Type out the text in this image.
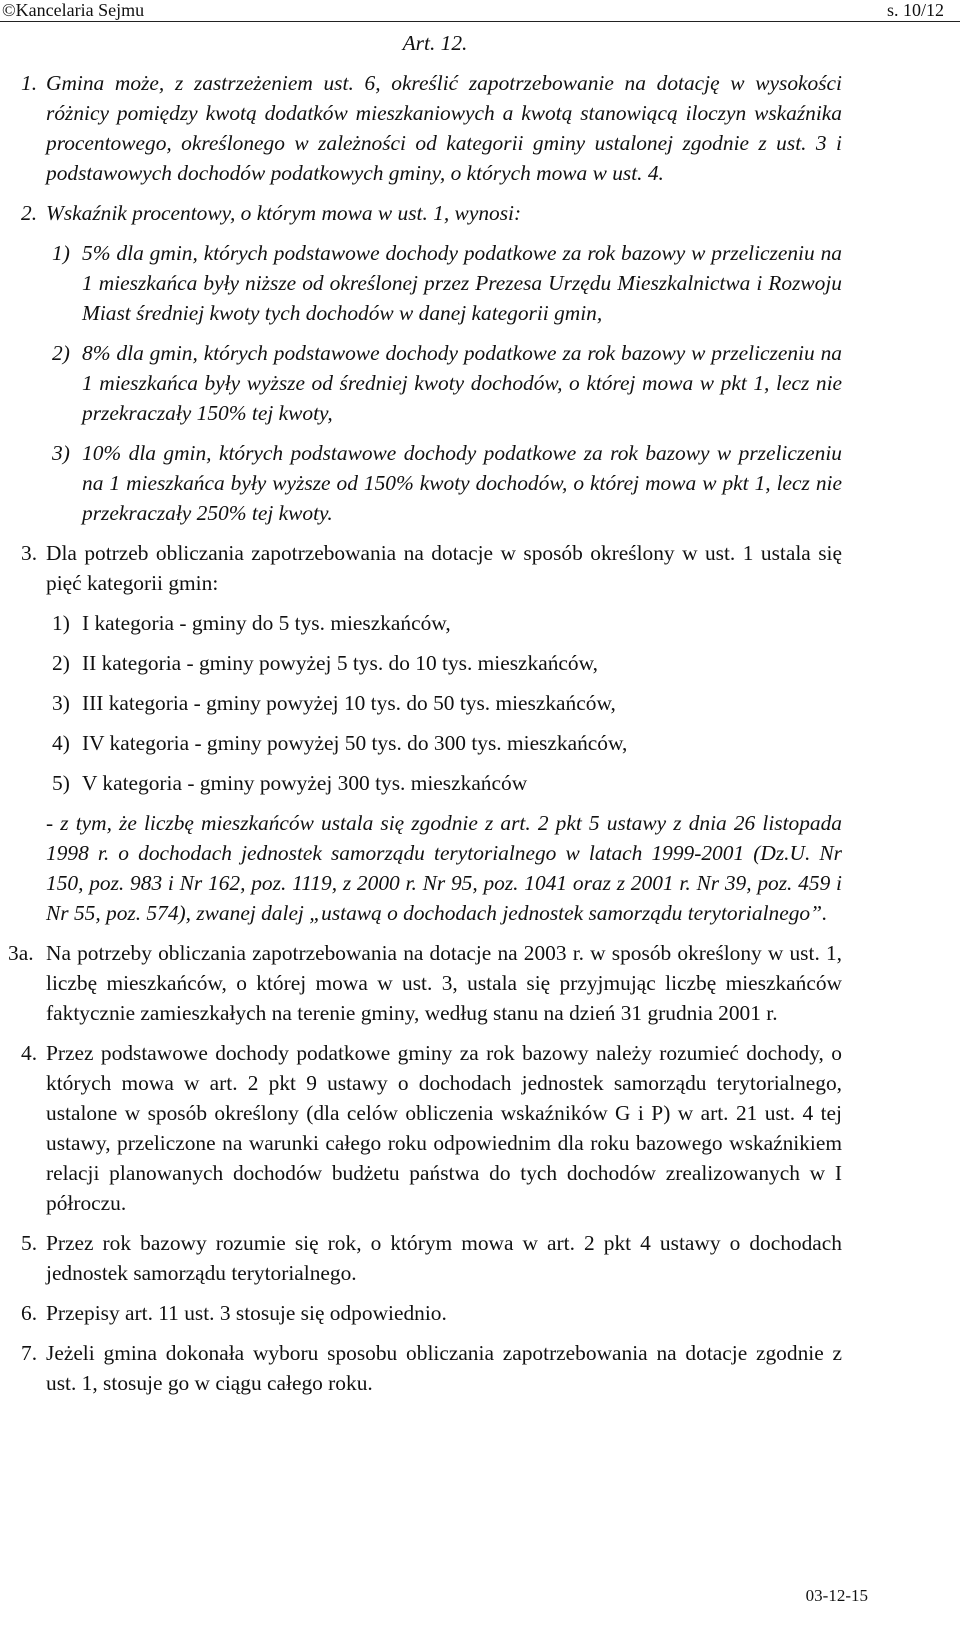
©Kancelaria Sejmu	s. 10/12
Art. 12.
1. Gmina może, z zastrzeżeniem ust. 6, określić zapotrzebowanie na dotację w wysokości różnicy pomiędzy kwotą dodatków mieszkaniowych a kwotą stanowiącą iloczyn wskaźnika procentowego, określonego w zależności od kategorii gminy ustalonej zgodnie z ust. 3 i podstawowych dochodów podatkowych gminy, o których mowa w ust. 4.
2. Wskaźnik procentowy, o którym mowa w ust. 1, wynosi:
1) 5% dla gmin, których podstawowe dochody podatkowe za rok bazowy w przeliczeniu na 1 mieszkańca były niższe od określonej przez Prezesa Urzędu Mieszkalnictwa i Rozwoju Miast średniej kwoty tych dochodów w danej kategorii gmin,
2) 8% dla gmin, których podstawowe dochody podatkowe za rok bazowy w przeliczeniu na 1 mieszkańca były wyższe od średniej kwoty dochodów, o której mowa w pkt 1, lecz nie przekraczały 150% tej kwoty,
3) 10% dla gmin, których podstawowe dochody podatkowe za rok bazowy w przeliczeniu na 1 mieszkańca były wyższe od 150% kwoty dochodów, o której mowa w pkt 1, lecz nie przekraczały 250% tej kwoty.
3. Dla potrzeb obliczania zapotrzebowania na dotacje w sposób określony w ust. 1 ustala się pięć kategorii gmin:
1) I kategoria - gminy do 5 tys. mieszkańców,
2) II kategoria - gminy powyżej 5 tys. do 10 tys. mieszkańców,
3) III kategoria - gminy powyżej 10 tys. do 50 tys. mieszkańców,
4) IV kategoria - gminy powyżej 50 tys. do 300 tys. mieszkańców,
5) V kategoria - gminy powyżej 300 tys. mieszkańców
- z tym, że liczbę mieszkańców ustala się zgodnie z art. 2 pkt 5 ustawy z dnia 26 listopada 1998 r. o dochodach jednostek samorządu terytorialnego w latach 1999-2001 (Dz.U. Nr 150, poz. 983 i Nr 162, poz. 1119, z 2000 r. Nr 95, poz. 1041 oraz z 2001 r. Nr 39, poz. 459 i Nr 55, poz. 574), zwanej dalej „ustawą o dochodach jednostek samorządu terytorialnego”.
3a. Na potrzeby obliczania zapotrzebowania na dotacje na 2003 r. w sposób określony w ust. 1, liczbę mieszkańców, o której mowa w ust. 3, ustala się przyjmując liczbę mieszkańców faktycznie zamieszkałych na terenie gminy, według stanu na dzień 31 grudnia 2001 r.
4. Przez podstawowe dochody podatkowe gminy za rok bazowy należy rozumieć dochody, o których mowa w art. 2 pkt 9 ustawy o dochodach jednostek samorządu terytorialnego, ustalone w sposób określony (dla celów obliczenia wskaźników G i P) w art. 21 ust. 4 tej ustawy, przeliczone na warunki całego roku odpowiednim dla roku bazowego wskaźnikiem relacji planowanych dochodów budżetu państwa do tych dochodów zrealizowanych w I półroczu.
5. Przez rok bazowy rozumie się rok, o którym mowa w art. 2 pkt 4 ustawy o dochodach jednostek samorządu terytorialnego.
6. Przepisy art. 11 ust. 3 stosuje się odpowiednio.
7. Jeżeli gmina dokonała wyboru sposobu obliczania zapotrzebowania na dotacje zgodnie z ust. 1, stosuje go w ciągu całego roku.
03-12-15
